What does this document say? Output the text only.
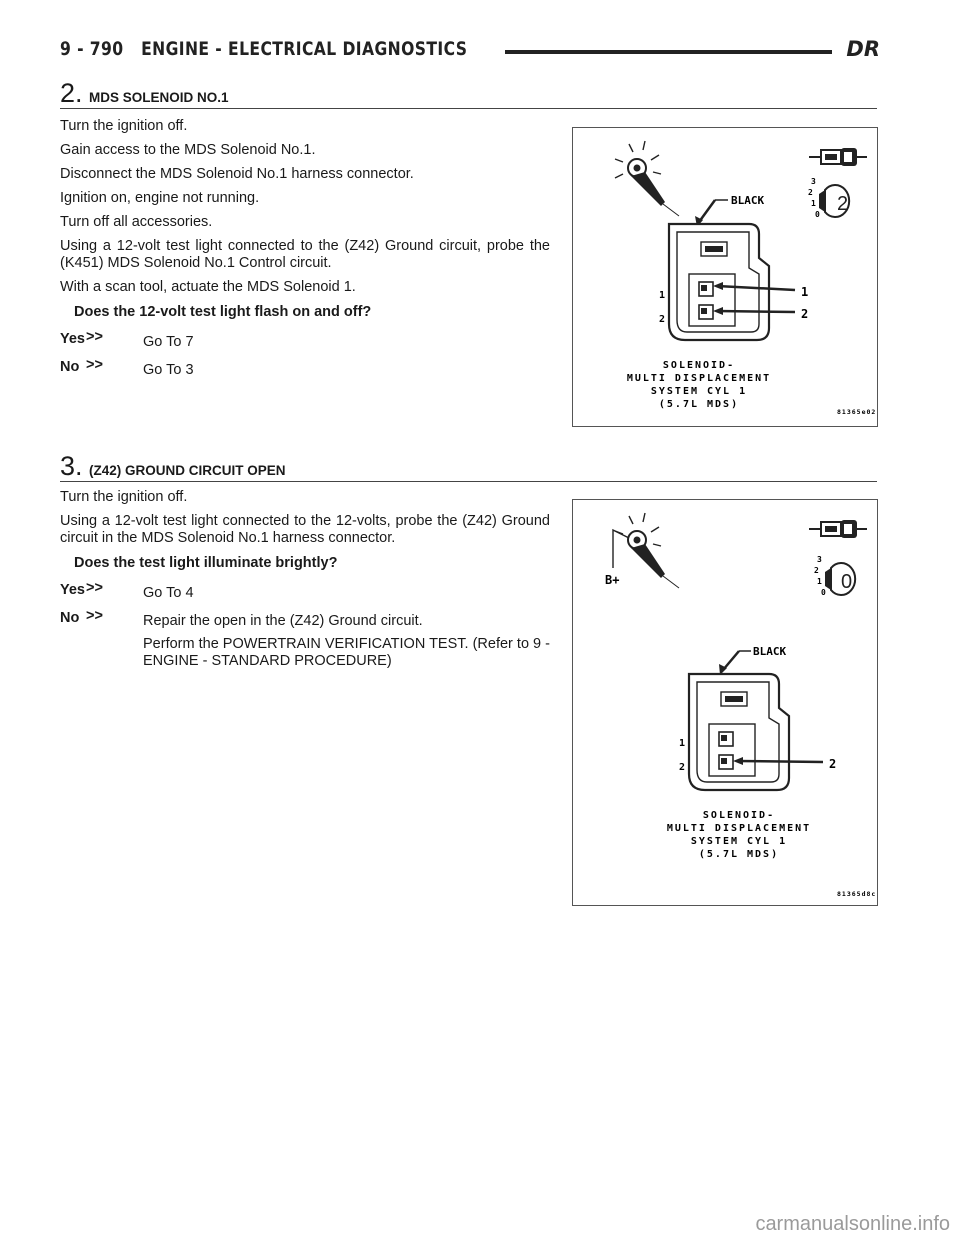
9 - 790 ENGINE - ELECTRICAL DIAGNOSTICS	DR
2. MDS SOLENOID NO.1
Turn the ignition off.
Gain access to the MDS Solenoid No.1.
Disconnect the MDS Solenoid No.1 harness connector.
Ignition on, engine not running.
Turn off all accessories.
Using a 12-volt test light connected to the (Z42) Ground circuit, probe the (K451) MDS Solenoid No.1 Control circuit.
With a scan tool, actuate the MDS Solenoid 1.
Does the 12-volt test light flash on and off?
Yes >>	Go To 7
No >>	Go To 3
3
2
1
0 2
BLACK
1
2
1
2
SOLENOID-
MULTI DISPLACEMENT
SYSTEM CYL 1
(5.7L MDS)
81365e02
3. (Z42) GROUND CIRCUIT OPEN
Turn the ignition off.
Using a 12-volt test light connected to the 12-volts, probe the (Z42) Ground circuit in the MDS Solenoid No.1 harness connector.
Does the test light illuminate brightly?
Yes >>	Go To 4
No >>	Repair the open in the (Z42) Ground circuit.
Perform the POWERTRAIN VERIFICATION TEST. (Refer to 9 - ENGINE - STANDARD PROCEDURE)
B+
3
2
1
0 0
BLACK
1
2	2
SOLENOID-
MULTI DISPLACEMENT
SYSTEM CYL 1
(5.7L MDS)
81365d8c
carmanualsonline.info
